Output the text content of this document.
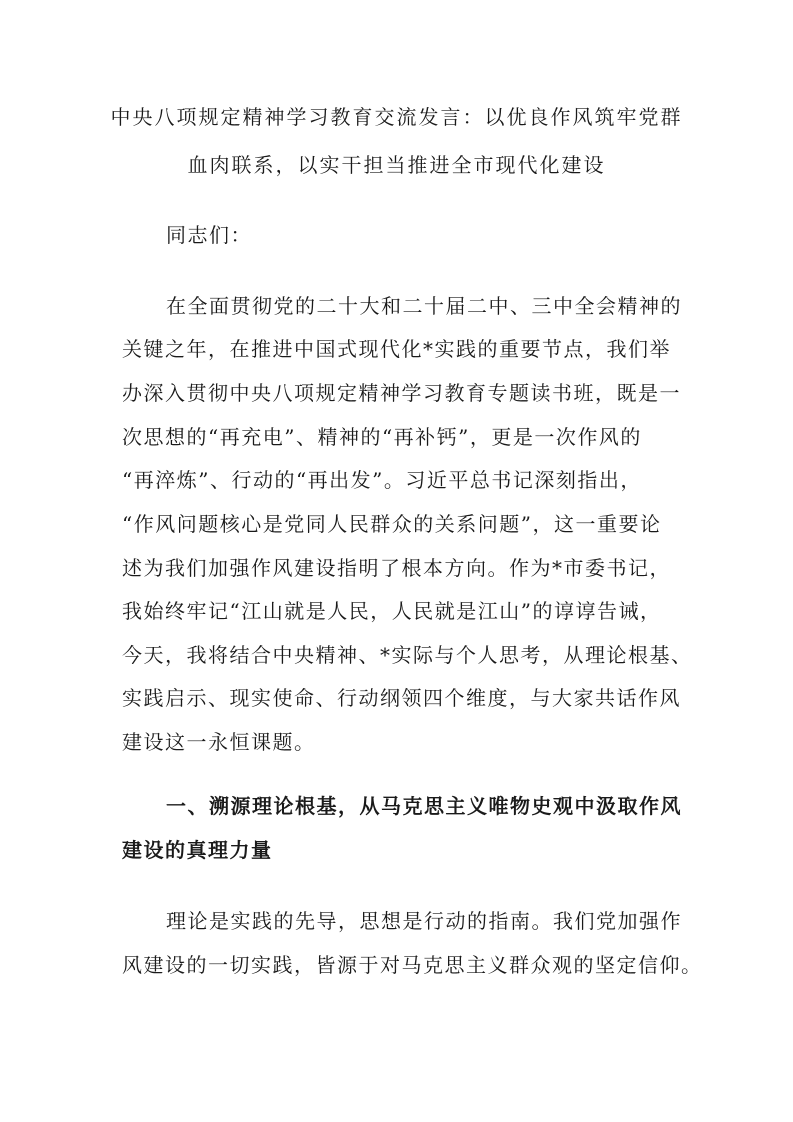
中央八项规定精神学习教育交流发言：以优良作风筑牢党群
血肉联系，以实干担当推进全市现代化建设
同志们：
在全面贯彻党的二十大和二十届二中、三中全会精神的
关键之年，在推进中国式现代化*实践的重要节点，我们举
办深入贯彻中央八项规定精神学习教育专题读书班，既是一
次思想的“再充电”、精神的“再补钙”，更是一次作风的
“再淬炼”、行动的“再出发”。习近平总书记深刻指出，
“作风问题核心是党同人民群众的关系问题”，这一重要论
述为我们加强作风建设指明了根本方向。作为*市委书记，
我始终牢记“江山就是人民，人民就是江山”的谆谆告诫，
今天，我将结合中央精神、*实际与个人思考，从理论根基、
实践启示、现实使命、行动纲领四个维度，与大家共话作风
建设这一永恒课题。
一、溯源理论根基，从马克思主义唯物史观中汲取作风
建设的真理力量
理论是实践的先导，思想是行动的指南。我们党加强作
风建设的一切实践，皆源于对马克思主义群众观的坚定信仰。
